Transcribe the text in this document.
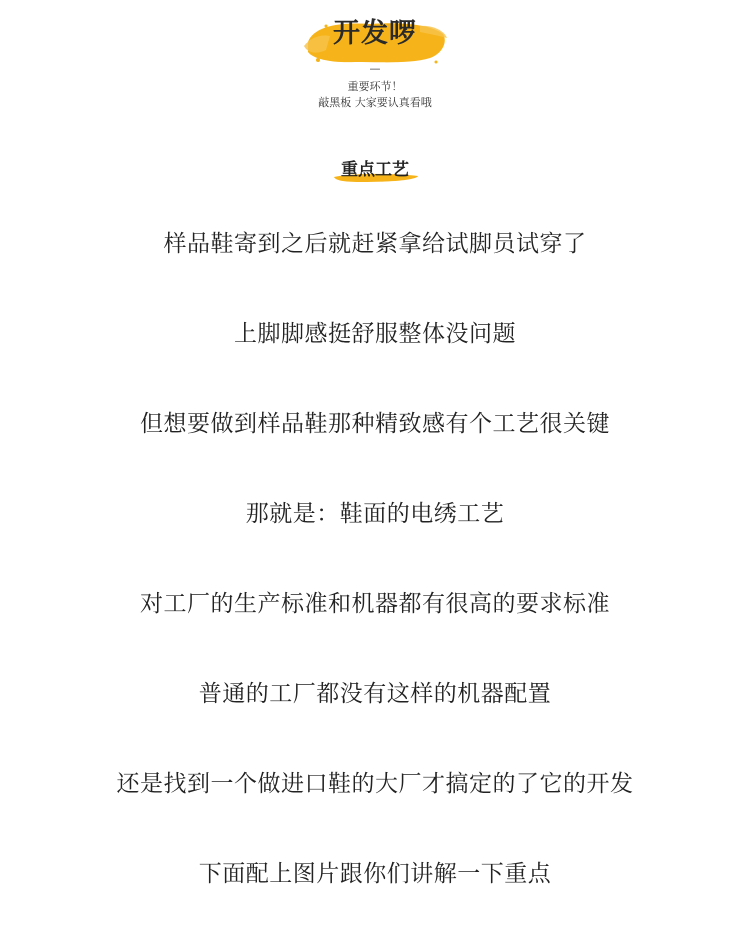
开发啰
—
重要环节！
敲黑板 大家要认真看哦
重点工艺
样品鞋寄到之后就赶紧拿给试脚员试穿了
上脚脚感挺舒服整体没问题
但想要做到样品鞋那种精致感有个工艺很关键
那就是：鞋面的电绣工艺
对工厂的生产标准和机器都有很高的要求标准
普通的工厂都没有这样的机器配置
还是找到一个做进口鞋的大厂才搞定的了它的开发
下面配上图片跟你们讲解一下重点
